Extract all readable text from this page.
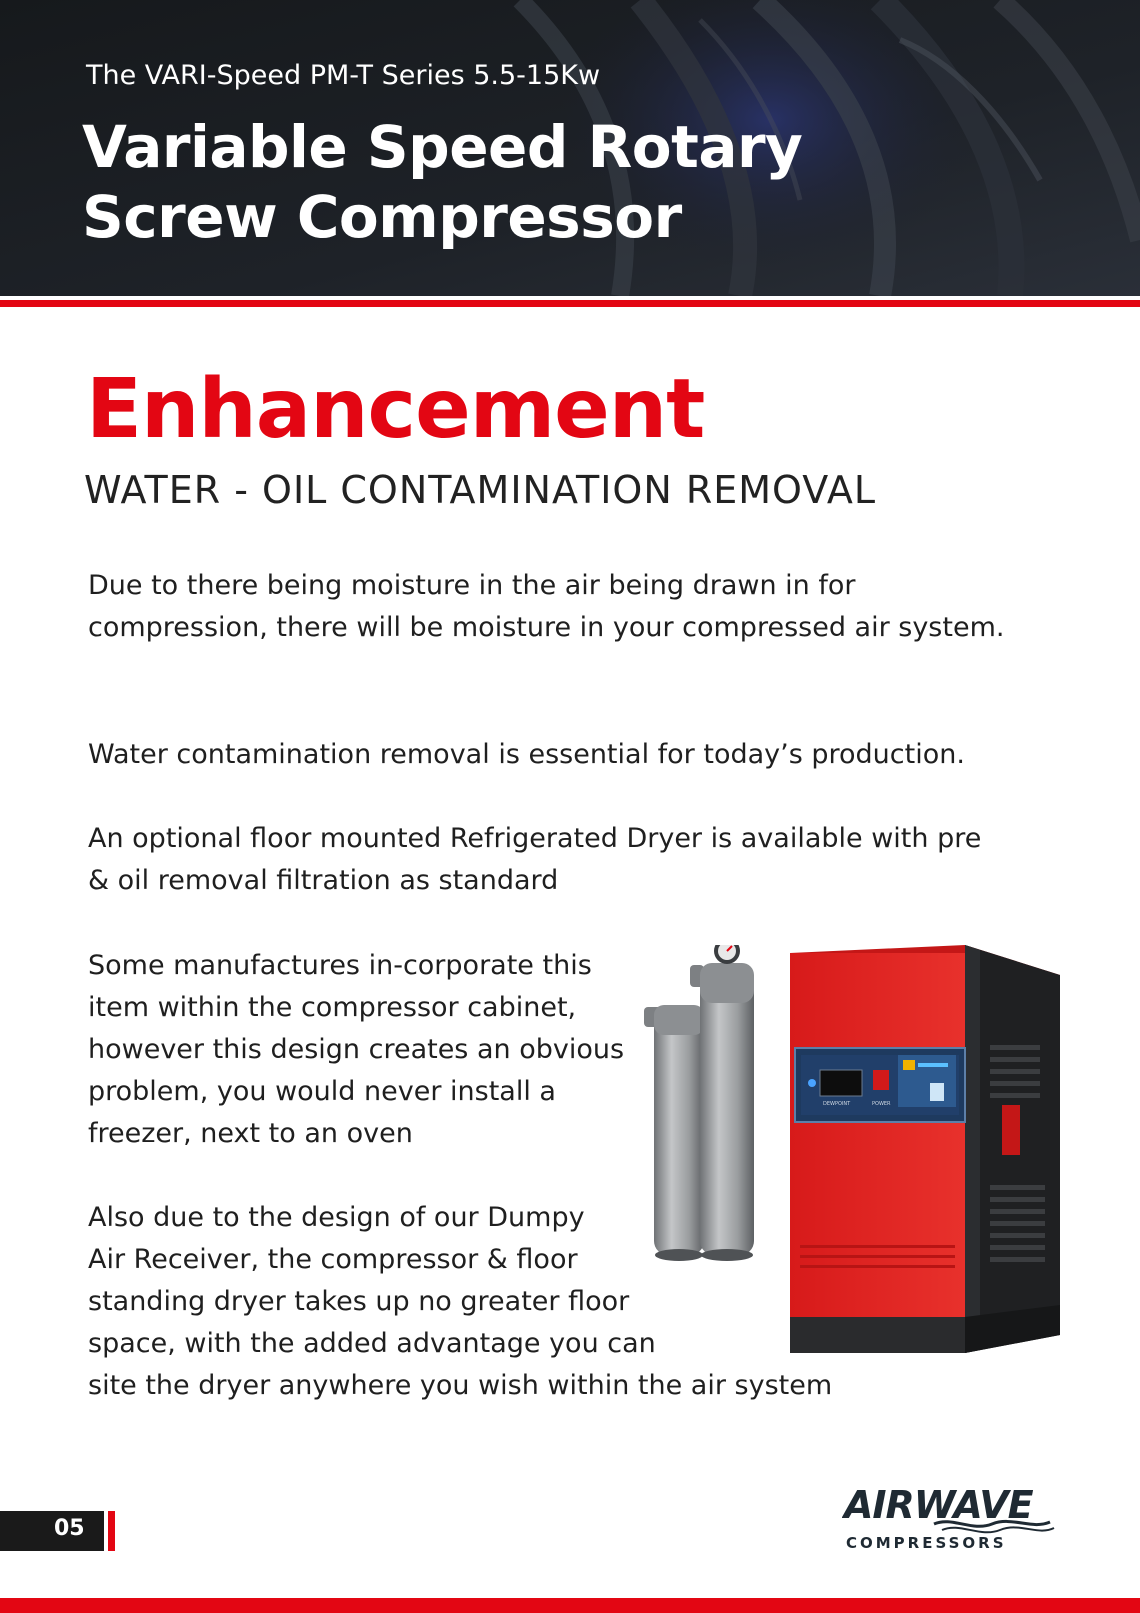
The VARI-Speed PM-T Series 5.5-15Kw
Variable Speed Rotary
Screw Compressor
Enhancement
WATER - OIL CONTAMINATION REMOVAL

Due to there being moisture in the air being drawn in for compression, there will be moisture in your compressed air system.

Water contamination removal is essential for today’s production.

An optional floor mounted Refrigerated Dryer is available with pre & oil removal filtration as standard

Some manufactures in-corporate this item within the compressor cabinet, however this design creates an obvious problem, you would never install a freezer, next to an oven

Also due to the design of our Dumpy
Air Receiver, the compressor & floor
standing dryer takes up no greater floor
space, with the added advantage you can
site the dryer anywhere you wish within the air system
DEWPOINT	POWER
05
AIRWAVE
COMPRESSORS
